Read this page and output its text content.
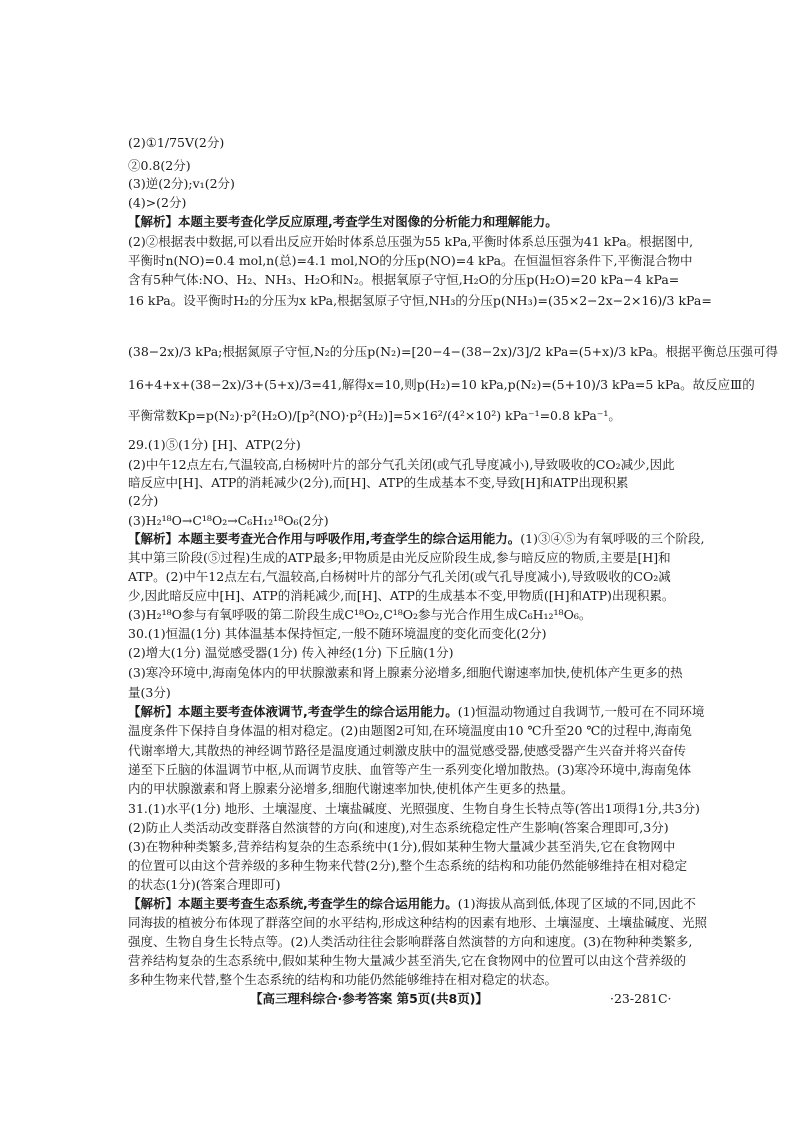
(2)①1/75V(2分)
②0.8(2分)
(3)逆(2分);v₁(2分)
(4)>(2分)
【解析】本题主要考查化学反应原理,考查学生对图像的分析能力和理解能力。
(2)②根据表中数据,可以看出反应开始时体系总压强为55 kPa,平衡时体系总压强为41 kPa。根据图中,
平衡时n(NO)=0.4 mol,n(总)=4.1 mol,NO的分压p(NO)=4 kPa。在恒温恒容条件下,平衡混合物中
含有5种气体:NO、H₂、NH₃、H₂O和N₂。根据氧原子守恒,H₂O的分压p(H₂O)=20 kPa−4 kPa=
16 kPa。设平衡时H₂的分压为x kPa,根据氢原子守恒,NH₃的分压p(NH₃)=(35×2−2x−2×16)/3 kPa=
(38−2x)/3 kPa;根据氮原子守恒,N₂的分压p(N₂)=[20−4−(38−2x)/3]/2 kPa=(5+x)/3 kPa。根据平衡总压强可得
16+4+x+(38−2x)/3+(5+x)/3=41,解得x=10,则p(H₂)=10 kPa,p(N₂)=(5+10)/3 kPa=5 kPa。故反应Ⅲ的
平衡常数Kp=p(N₂)·p²(H₂O)/[p²(NO)·p²(H₂)]=5×16²/(4²×10²) kPa⁻¹=0.8 kPa⁻¹。
29.(1)⑤(1分) [H]、ATP(2分)
(2)中午12点左右,气温较高,白杨树叶片的部分气孔关闭(或气孔导度减小),导致吸收的CO₂减少,因此
暗反应中[H]、ATP的消耗减少(2分),而[H]、ATP的生成基本不变,导致[H]和ATP出现积累
(2分)
(3)H₂¹⁸O→C¹⁸O₂→C₆H₁₂¹⁸O₆(2分)
【解析】本题主要考查光合作用与呼吸作用,考查学生的综合运用能力。(1)③④⑤为有氧呼吸的三个阶段,
其中第三阶段(⑤过程)生成的ATP最多;甲物质是由光反应阶段生成,参与暗反应的物质,主要是[H]和
ATP。(2)中午12点左右,气温较高,白杨树叶片的部分气孔关闭(或气孔导度减小),导致吸收的CO₂减
少,因此暗反应中[H]、ATP的消耗减少,而[H]、ATP的生成基本不变,甲物质([H]和ATP)出现积累。
(3)H₂¹⁸O参与有氧呼吸的第二阶段生成C¹⁸O₂,C¹⁸O₂参与光合作用生成C₆H₁₂¹⁸O₆。
30.(1)恒温(1分) 其体温基本保持恒定,一般不随环境温度的变化而变化(2分)
(2)增大(1分) 温觉感受器(1分) 传入神经(1分) 下丘脑(1分)
(3)寒冷环境中,海南兔体内的甲状腺激素和肾上腺素分泌增多,细胞代谢速率加快,使机体产生更多的热
量(3分)
【解析】本题主要考查体液调节,考查学生的综合运用能力。(1)恒温动物通过自我调节,一般可在不同环境
温度条件下保持自身体温的相对稳定。(2)由题图2可知,在环境温度由10 ℃升至20 ℃的过程中,海南兔
代谢率增大,其散热的神经调节路径是温度通过刺激皮肤中的温觉感受器,使感受器产生兴奋并将兴奋传
递至下丘脑的体温调节中枢,从而调节皮肤、血管等产生一系列变化增加散热。(3)寒冷环境中,海南兔体
内的甲状腺激素和肾上腺素分泌增多,细胞代谢速率加快,使机体产生更多的热量。
31.(1)水平(1分) 地形、土壤湿度、土壤盐碱度、光照强度、生物自身生长特点等(答出1项得1分,共3分)
(2)防止人类活动改变群落自然演替的方向(和速度),对生态系统稳定性产生影响(答案合理即可,3分)
(3)在物种种类繁多,营养结构复杂的生态系统中(1分),假如某种生物大量减少甚至消失,它在食物网中
的位置可以由这个营养级的多种生物来代替(2分),整个生态系统的结构和功能仍然能够维持在相对稳定
的状态(1分)(答案合理即可)
【解析】本题主要考查生态系统,考查学生的综合运用能力。(1)海拔从高到低,体现了区域的不同,因此不
同海拔的植被分布体现了群落空间的水平结构,形成这种结构的因素有地形、土壤湿度、土壤盐碱度、光照
强度、生物自身生长特点等。(2)人类活动往往会影响群落自然演替的方向和速度。(3)在物种种类繁多,
营养结构复杂的生态系统中,假如某种生物大量减少甚至消失,它在食物网中的位置可以由这个营养级的
多种生物来代替,整个生态系统的结构和功能仍然能够维持在相对稳定的状态。
【高三理科综合·参考答案 第5页(共8页)】	·23-281C·
